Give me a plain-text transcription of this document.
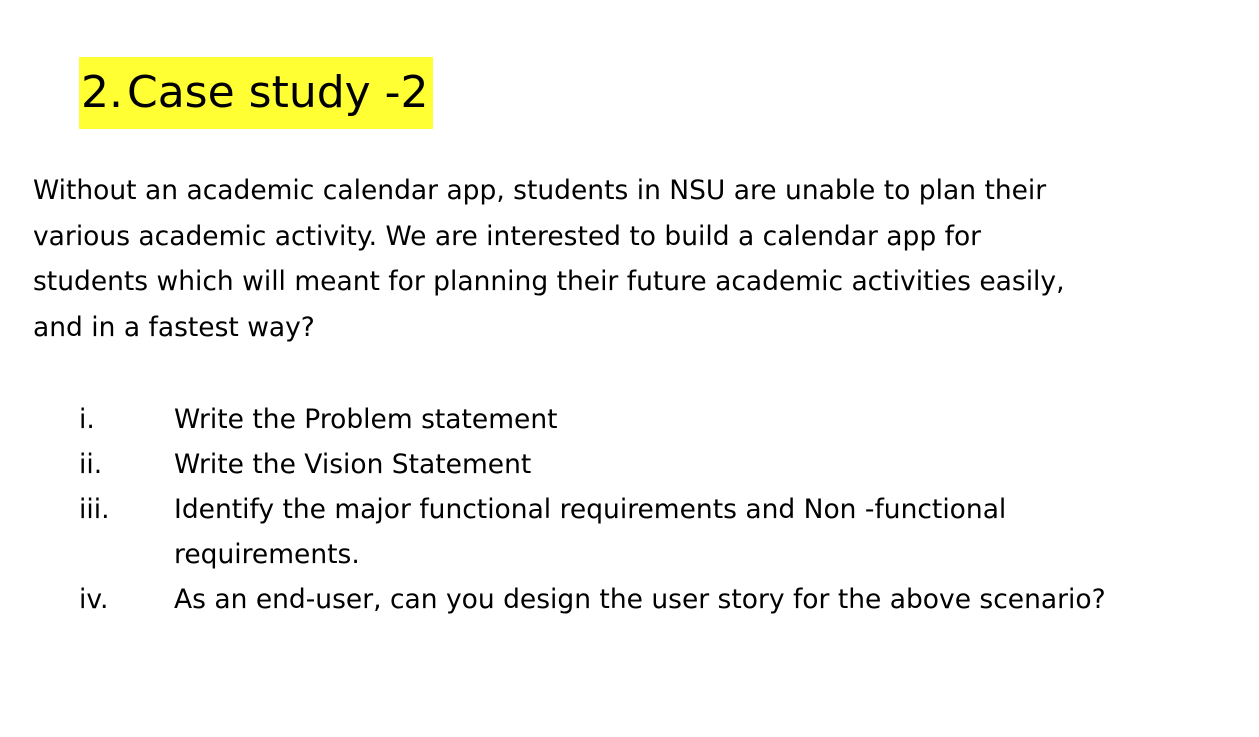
2. Case study -2

Without an academic calendar app, students in NSU are unable to plan their
various academic activity. We are interested to build a calendar app for
students which will meant for planning their future academic activities easily,
and in a fastest way?

i.	Write the Problem statement
ii.	Write the Vision Statement
iii.	Identify the major functional requirements and Non -functional
requirements.
iv.	As an end-user, can you design the user story for the above scenario?
